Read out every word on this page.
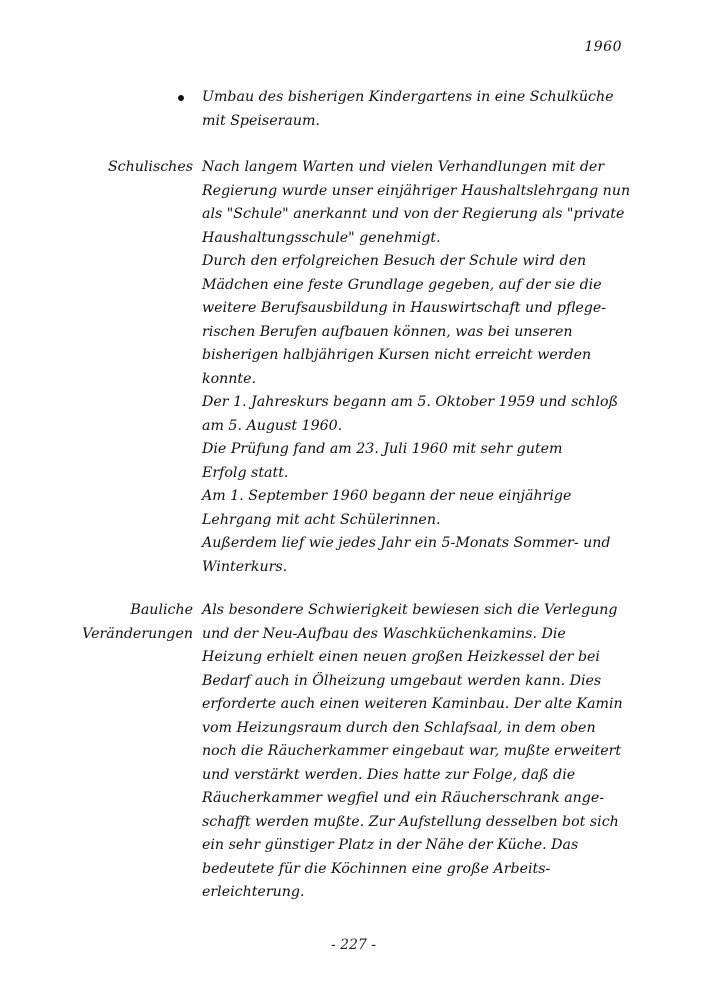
1960
Umbau des bisherigen Kindergartens in eine Schulküche
mit Speiseraum.
Schulisches Nach langem Warten und vielen Verhandlungen mit der
Regierung wurde unser einjähriger Haushaltslehrgang nun
als "Schule" anerkannt und von der Regierung als "private
Haushaltungsschule" genehmigt.
Durch den erfolgreichen Besuch der Schule wird den
Mädchen eine feste Grundlage gegeben, auf der sie die
weitere Berufsausbildung in Hauswirtschaft und pflege-
rischen Berufen aufbauen können, was bei unseren
bisherigen halbjährigen Kursen nicht erreicht werden
konnte.
Der 1. Jahreskurs begann am 5. Oktober 1959 und schloß
am 5. August 1960.
Die Prüfung fand am 23. Juli 1960 mit sehr gutem
Erfolg statt.
Am 1. September 1960 begann der neue einjährige
Lehrgang mit acht Schülerinnen.
Außerdem lief wie jedes Jahr ein 5-Monats Sommer- und
Winterkurs.
Bauliche
Veränderungen
Als besondere Schwierigkeit bewiesen sich die Verlegung
und der Neu-Aufbau des Waschküchenkamins. Die
Heizung erhielt einen neuen großen Heizkessel der bei
Bedarf auch in Ölheizung umgebaut werden kann. Dies
erforderte auch einen weiteren Kaminbau. Der alte Kamin
vom Heizungsraum durch den Schlafsaal, in dem oben
noch die Räucherkammer eingebaut war, mußte erweitert
und verstärkt werden. Dies hatte zur Folge, daß die
Räucherkammer wegfiel und ein Räucherschrank ange-
schafft werden mußte. Zur Aufstellung desselben bot sich
ein sehr günstiger Platz in der Nähe der Küche. Das
bedeutete für die Köchinnen eine große Arbeits-
erleichterung.
- 227 -
